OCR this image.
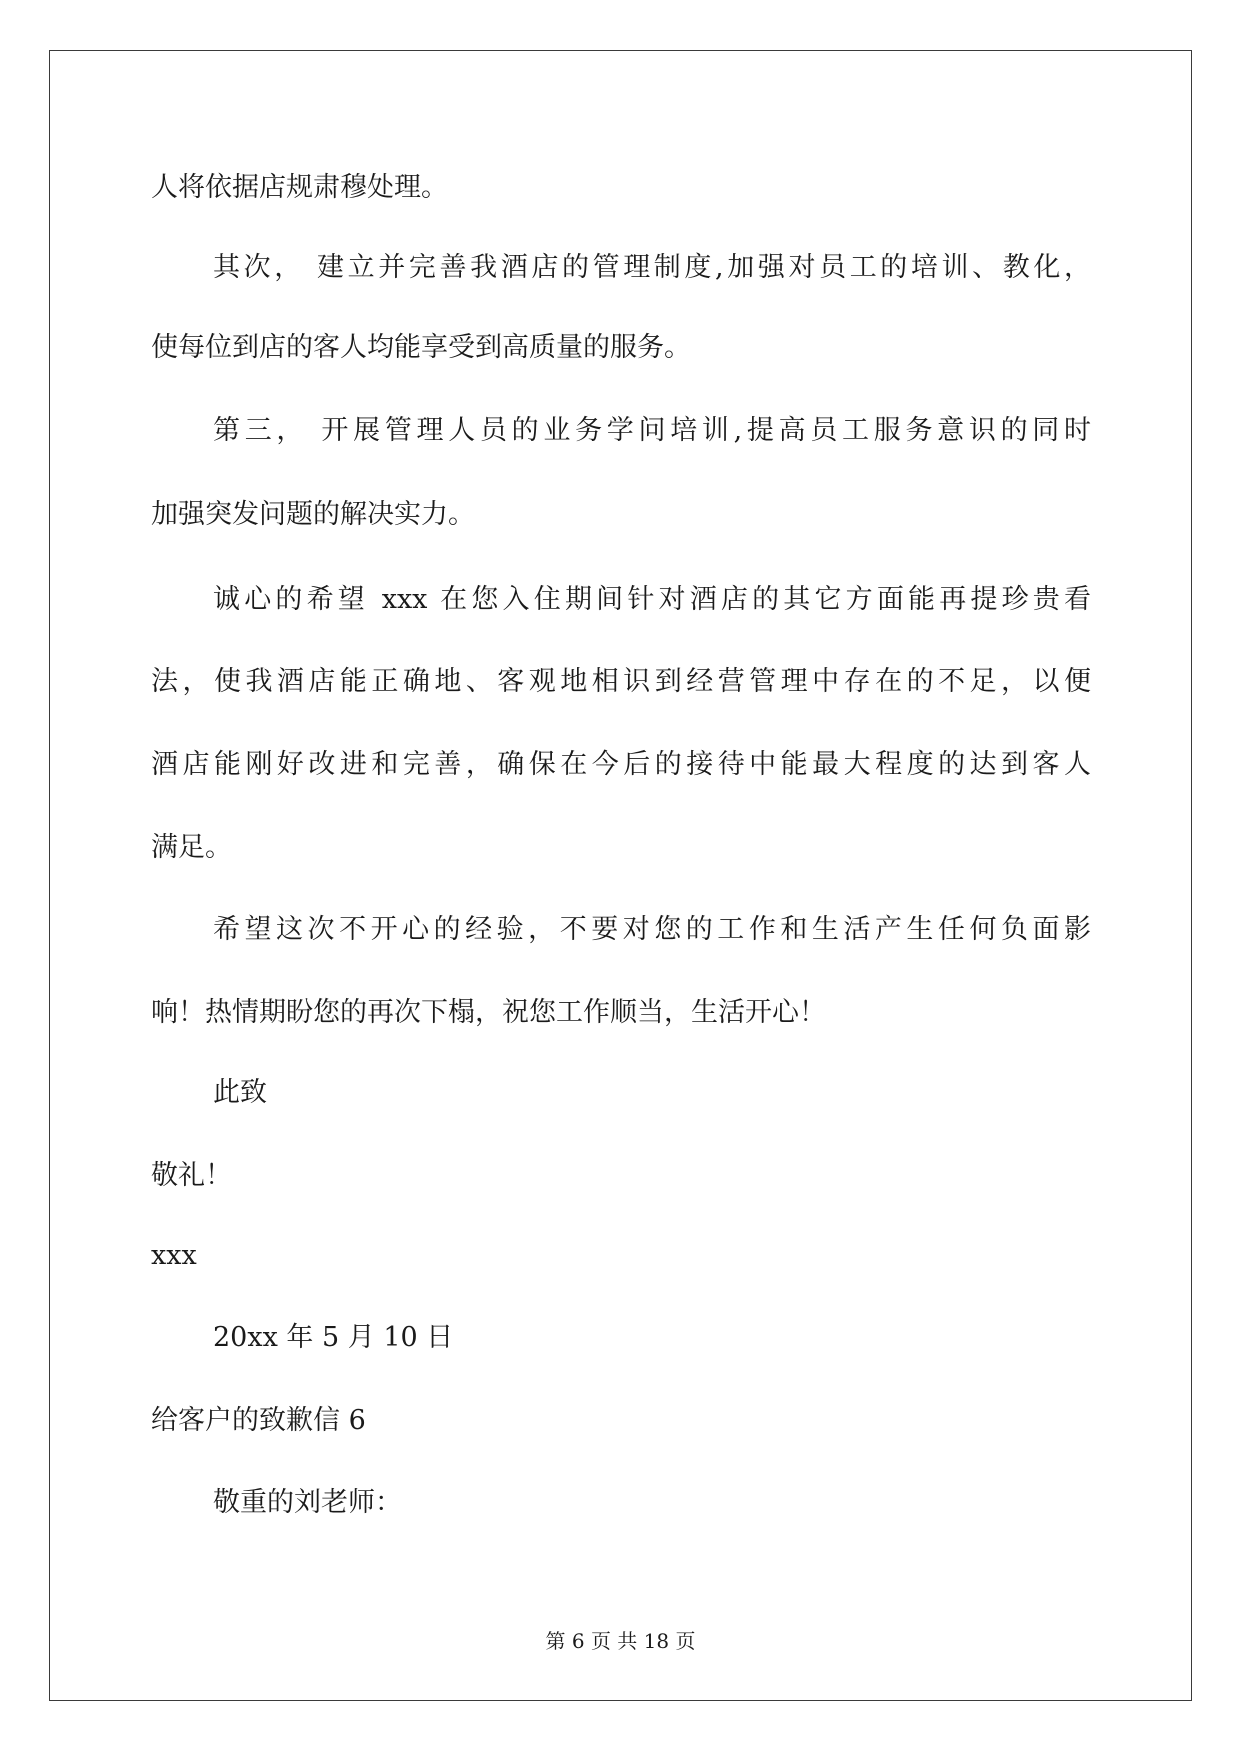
人将依据店规肃穆处理。
其次， 建立并完善我酒店的管理制度,加强对员工的培训、教化，
使每位到店的客人均能享受到高质量的服务。
第三， 开展管理人员的业务学问培训,提高员工服务意识的同时
加强突发问题的解决实力。
诚心的希望 xxx 在您入住期间针对酒店的其它方面能再提珍贵看
法，使我酒店能正确地、客观地相识到经营管理中存在的不足，以便
酒店能刚好改进和完善，确保在今后的接待中能最大程度的达到客人
满足。
希望这次不开心的经验，不要对您的工作和生活产生任何负面影
响！热情期盼您的再次下榻，祝您工作顺当，生活开心！
此致
敬礼！
xxx
20xx 年 5 月 10 日
给客户的致歉信 6
敬重的刘老师：
第 6 页 共 18 页
